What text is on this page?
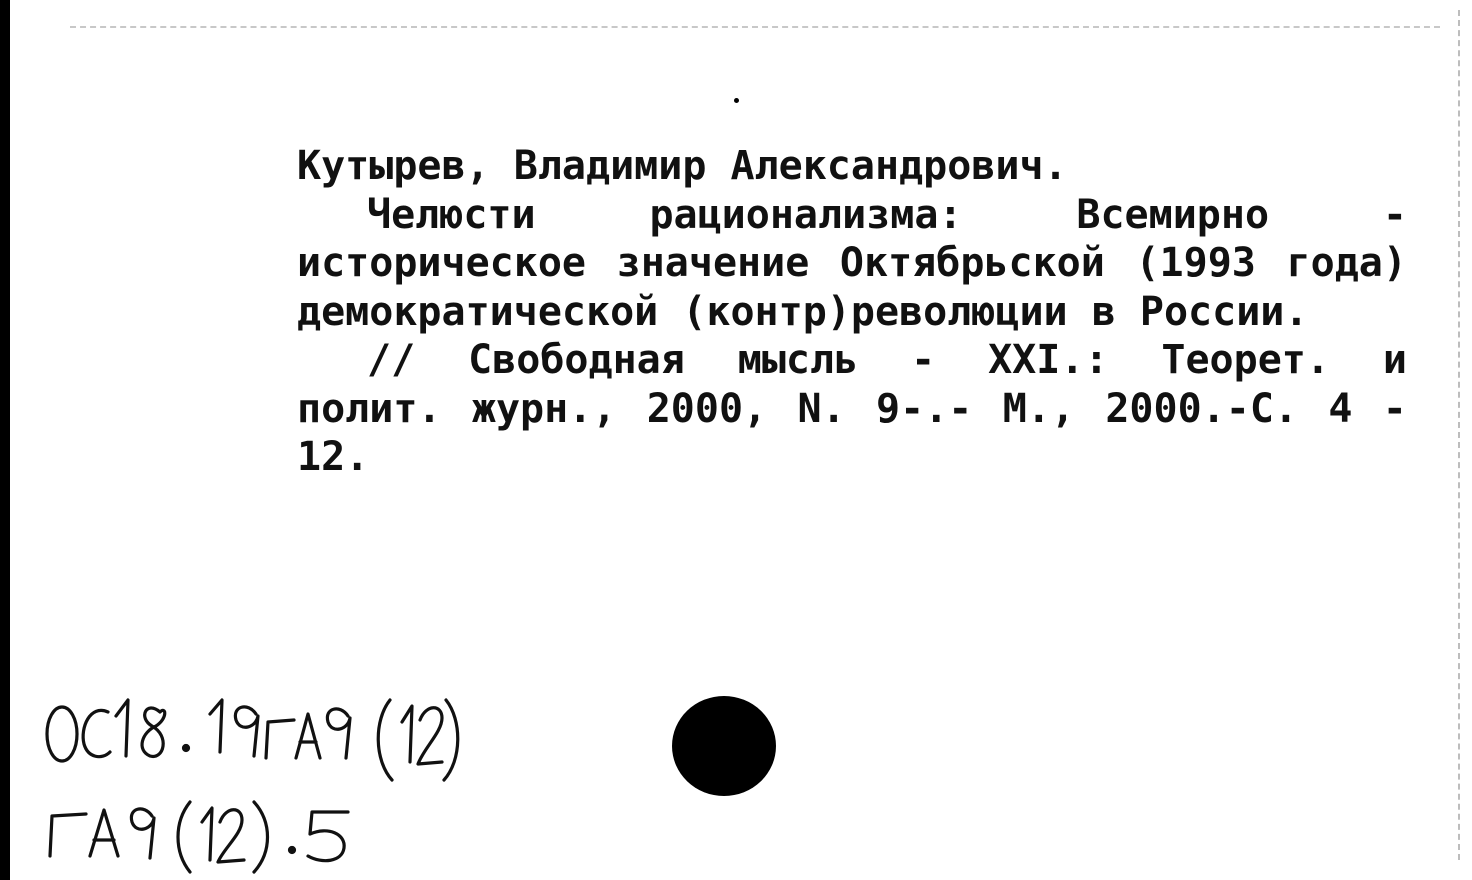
Кутырев, Владимир Александрович.
Челюсти	рационализма:	Всемирно	-
историческое значение Октябрьской (1993 года)
демократической (контр)революции в России.
// Свободная мысль - XXI.: Теорет. и
полит. журн., 2000, N. 9-.- М., 2000.-С. 4 -
12.
